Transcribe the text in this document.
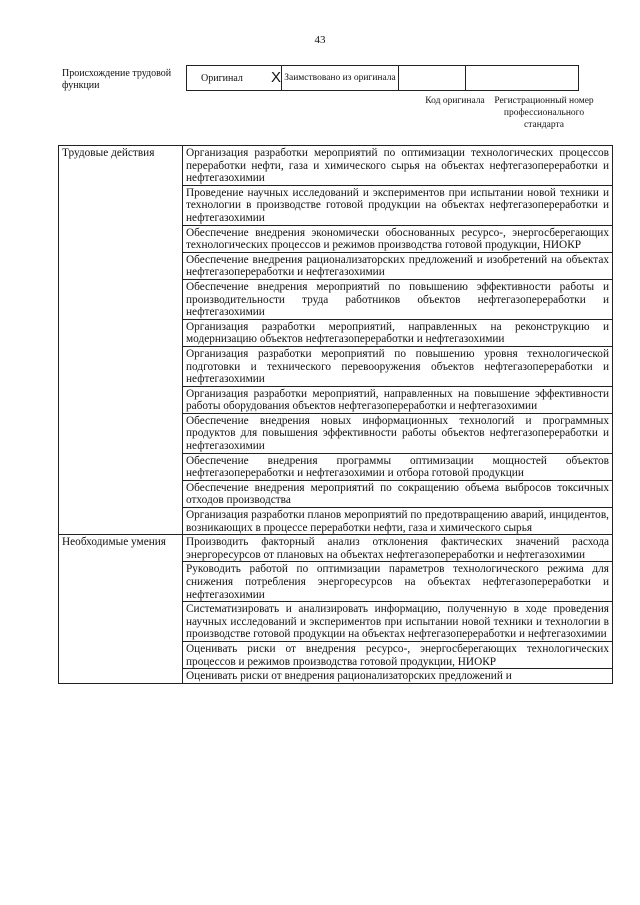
43
Происхождение трудовой функции
Оригинал X	Заимствовано из оригинала		
Код оригинала	Регистрационный номер профессионального стандарта
Трудовые действия	Организация разработки мероприятий по оптимизации технологических процессов переработки нефти, газа и химического сырья на объектах нефтегазопереработки и нефтегазохимии
	Проведение научных исследований и экспериментов при испытании новой техники и технологии в производстве готовой продукции на объектах нефтегазопереработки и нефтегазохимии
	Обеспечение внедрения экономически обоснованных ресурсо-, энергосберегающих технологических процессов и режимов производства готовой продукции, НИОКР
	Обеспечение внедрения рационализаторских предложений и изобретений на объектах нефтегазопереработки и нефтегазохимии
	Обеспечение внедрения мероприятий по повышению эффективности работы и производительности труда работников объектов нефтегазопереработки и нефтегазохимии
	Организация разработки мероприятий, направленных на реконструкцию и модернизацию объектов нефтегазопереработки и нефтегазохимии
	Организация разработки мероприятий по повышению уровня технологической подготовки и технического перевооружения объектов нефтегазопереработки и нефтегазохимии
	Организация разработки мероприятий, направленных на повышение эффективности работы оборудования объектов нефтегазопереработки и нефтегазохимии
	Обеспечение внедрения новых информационных технологий и программных продуктов для повышения эффективности работы объектов нефтегазопереработки и нефтегазохимии
	Обеспечение внедрения программы оптимизации мощностей объектов нефтегазопереработки и нефтегазохимии и отбора готовой продукции
	Обеспечение внедрения мероприятий по сокращению объема выбросов токсичных отходов производства
	Организация разработки планов мероприятий по предотвращению аварий, инцидентов, возникающих в процессе переработки нефти, газа и химического сырья
Необходимые умения	Производить факторный анализ отклонения фактических значений расхода энергоресурсов от плановых на объектах нефтегазопереработки и нефтегазохимии
	Руководить работой по оптимизации параметров технологического режима для снижения потребления энергоресурсов на объектах нефтегазопереработки и нефтегазохимии
	Систематизировать и анализировать информацию, полученную в ходе проведения научных исследований и экспериментов при испытании новой техники и технологии в производстве готовой продукции на объектах нефтегазопереработки и нефтегазохимии
	Оценивать риски от внедрения ресурсо-, энергосберегающих технологических процессов и режимов производства готовой продукции, НИОКР
	Оценивать риски от внедрения рационализаторских предложений и
